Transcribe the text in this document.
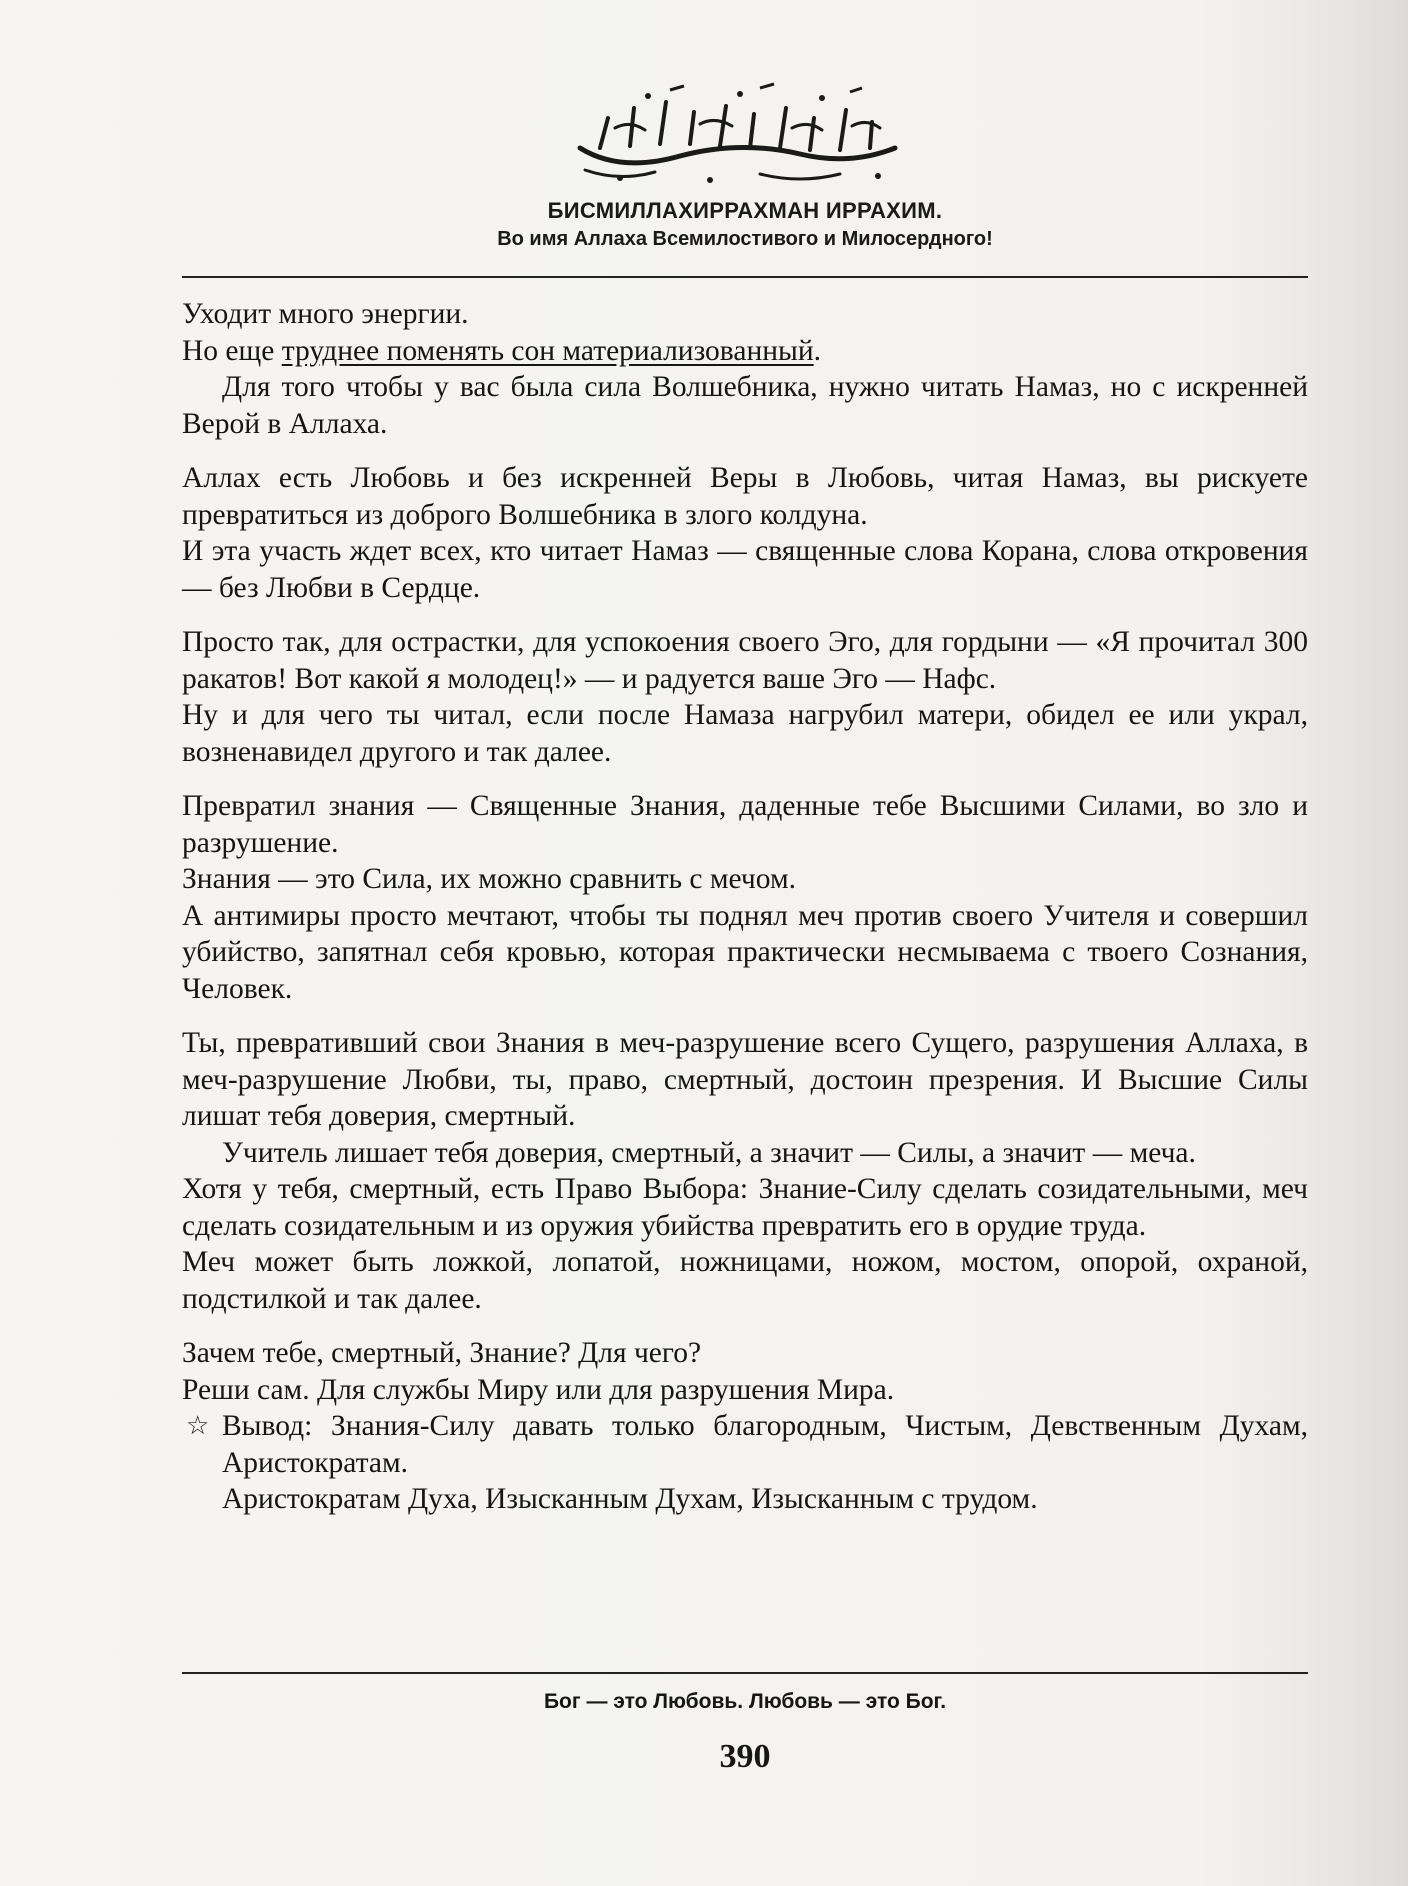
БИСМИЛЛАХИРРАХМАН ИРРАХИМ.
Во имя Аллаха Всемилостивого и Милосердного!

Уходит много энергии.

Но еще труднее поменять сон материализованный.

Для того чтобы у вас была сила Волшебника, нужно читать Намаз, но с искренней Верой в Аллаха.

Аллах есть Любовь и без искренней Веры в Любовь, читая Намаз, вы рискуете превратиться из доброго Волшебника в злого колдуна.

И эта участь ждет всех, кто читает Намаз — священные слова Корана, слова откровения — без Любви в Сердце.

Просто так, для острастки, для успокоения своего Эго, для гордыни — «Я прочитал 300 ракатов! Вот какой я молодец!» — и радуется ваше Эго — Нафс.

Ну и для чего ты читал, если после Намаза нагрубил матери, обидел ее или украл, возненавидел другого и так далее.

Превратил знания — Священные Знания, даденные тебе Высшими Силами, во зло и разрушение.

Знания — это Сила, их можно сравнить с мечом.

А антимиры просто мечтают, чтобы ты поднял меч против своего Учителя и совершил убийство, запятнал себя кровью, которая практически несмываема с твоего Сознания, Человек.

Ты, превративший свои Знания в меч-разрушение всего Сущего, разрушения Аллаха, в меч-разрушение Любви, ты, право, смертный, достоин презрения. И Высшие Силы лишат тебя доверия, смертный.

Учитель лишает тебя доверия, смертный, а значит — Силы, а значит — меча.

Хотя у тебя, смертный, есть Право Выбора: Знание-Силу сделать созидательными, меч сделать созидательным и из оружия убийства превратить его в орудие труда.

Меч может быть ложкой, лопатой, ножницами, ножом, мостом, опорой, охраной, подстилкой и так далее.

Зачем тебе, смертный, Знание? Для чего?

Реши сам. Для службы Миру или для разрушения Мира.

☆ Вывод: Знания-Силу давать только благородным, Чистым, Девственным Духам, Аристократам.

Аристократам Духа, Изысканным Духам, Изысканным с трудом.

Бог — это Любовь. Любовь — это Бог.
390
